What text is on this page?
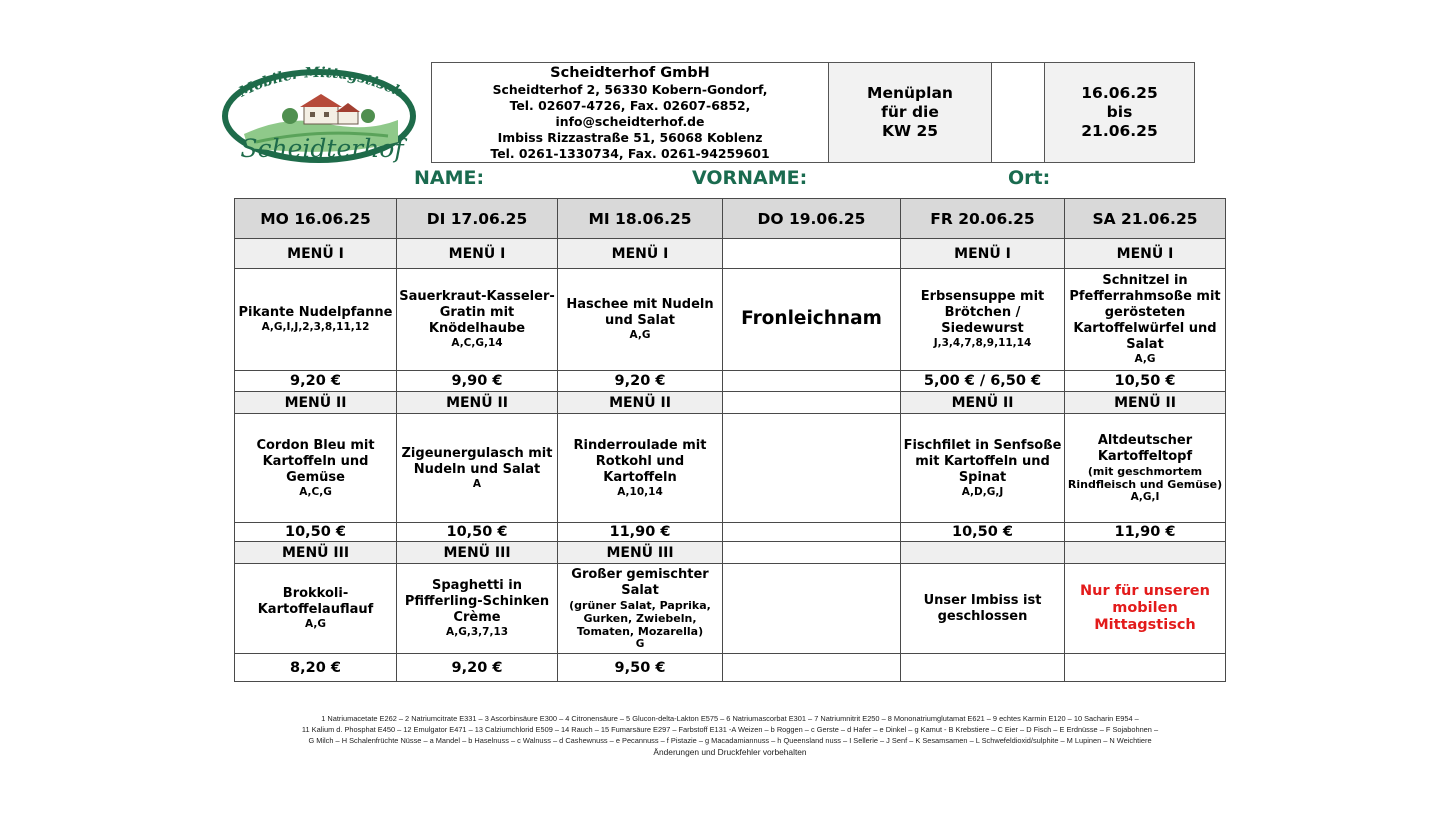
Mobiler Mittagstisch
Scheidterhof
Scheidterhof GmbH
Scheidterhof 2, 56330 Kobern-Gondorf,
Tel. 02607-4726, Fax. 02607-6852,
info@scheidterhof.de
Imbiss Rizzastraße 51, 56068 Koblenz
Tel. 0261-1330734, Fax. 0261-94259601

Menüplan
für die
KW 25

16.06.25
bis
21.06.25
NAME:	VORNAME:	Ort:
MO 16.06.25	DI 17.06.25	MI 18.06.25	DO 19.06.25	FR 20.06.25	SA 21.06.25
MENÜ I	MENÜ I	MENÜ I		MENÜ I	MENÜ I
Pikante Nudelpfanne
A,G,I,J,2,3,8,11,12	Sauerkraut-Kasseler-Gratin mit Knödelhaube
A,C,G,14	Haschee mit Nudeln und Salat
A,G	Fronleichnam	Erbsensuppe mit Brötchen / Siedewurst
J,3,4,7,8,9,11,14	Schnitzel in Pfefferrahmsoße mit gerösteten Kartoffelwürfel und Salat
A,G

9,20 €	9,90 €	9,20 €		5,00 € / 6,50 €	10,50 €
MENÜ II	MENÜ II	MENÜ II		MENÜ II	MENÜ II
Cordon Bleu mit Kartoffeln und Gemüse
A,C,G	Zigeunergulasch mit Nudeln und Salat
A	Rinderroulade mit Rotkohl und Kartoffeln
A,10,14		Fischfilet in Senfsoße mit Kartoffeln und Spinat
A,D,G,J	Altdeutscher Kartoffeltopf
(mit geschmortem Rindfleisch und Gemüse)
A,G,I

10,50 €	10,50 €	11,90 €		10,50 €	11,90 €
MENÜ III	MENÜ III	MENÜ III			
Brokkoli-Kartoffelauflauf
A,G	Spaghetti in Pfifferling-Schinken Crème
A,G,3,7,13	Großer gemischter Salat
(grüner Salat, Paprika, Gurken, Zwiebeln, Tomaten, Mozarella)
G		Unser Imbiss ist geschlossen	Nur für unseren mobilen Mittagstisch
8,20 €	9,20 €	9,50 €			
1 Natriumacetate E262 – 2 Natriumcitrate E331 – 3 Ascorbinsäure E300 – 4 Citronensäure – 5 Glucon-delta-Lakton E575 – 6 Natriumascorbat E301 – 7 Natriumnitrit E250 – 8 Mononatriumglutamat E621 – 9 echtes Karmin E120 – 10 Sacharin E954 –
11 Kalium d. Phosphat E450 – 12 Emulgator E471 – 13 Calziumchlorid E509 – 14 Rauch – 15 Fumarsäure E297 – Farbstoff E131 -A Weizen – b Roggen – c Gerste – d Hafer – e Dinkel – g Kamut - B Krebstiere – C Eier – D Fisch – E Erdnüsse – F Sojabohnen –
G Milch – H Schalenfrüchte Nüsse – a Mandel – b Haselnuss – c Walnuss – d Cashewnuss – e Pecannuss – f Pistazie – g Macadamiannuss – h Queensland nuss – I Sellerie – J Senf – K Sesamsamen – L Schwefeldioxid/sulphite – M Lupinen – N Weichtiere
Änderungen und Druckfehler vorbehalten
